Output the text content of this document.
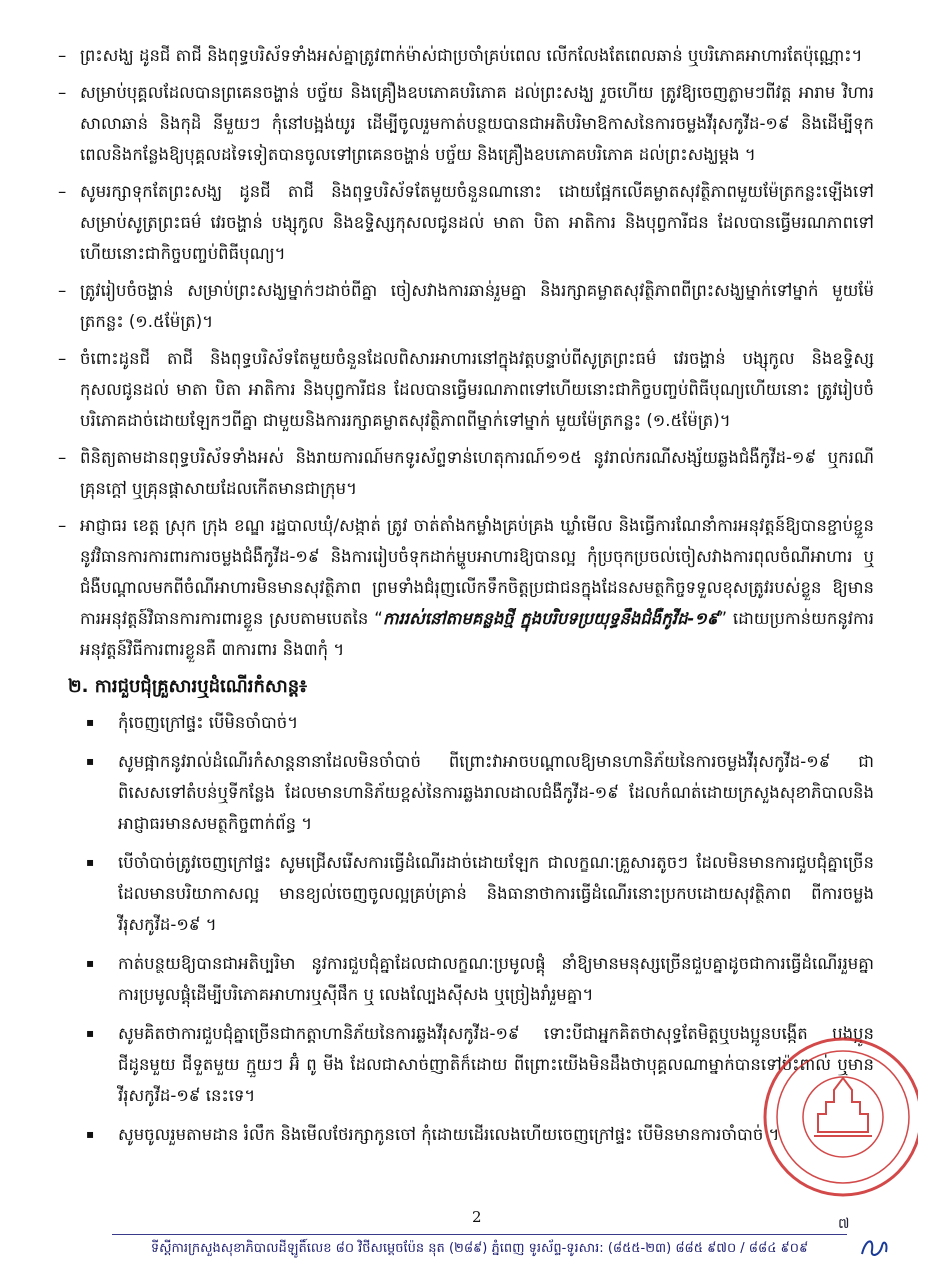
– ព្រះសង្ឃ ដូនជី តាជី និងពុទ្ធបរិស័ទទាំងអស់គ្នាត្រូវពាក់ម៉ាស់ជាប្រចាំគ្រប់ពេល លើកលែងតែពេលឆាន់ ឬបរិភោគអាហារតែប៉ុណ្ណោះ។
– សម្រាប់បុគ្គលដែលបានព្រគេនចង្ហាន់ បច្ច័យ និងគ្រឿងឧបភោគបរិភោគ ដល់ព្រះសង្ឃ រួចហើយ ត្រូវឱ្យចេញភ្លាមៗពីវត្ត អារាម វិហារ សាលាឆាន់ និងកុដិ នីមួយៗ កុំនៅបង្អង់យូរ ដើម្បីចូលរួមកាត់បន្ថយបានជាអតិបរិមាឱកាសនៃការចម្លងវីរុសកូវីដ-១៩ និងដើម្បីទុកពេលនិងកន្លែងឱ្យបុគ្គលដទៃទៀតបានចូលទៅព្រគេនចង្ហាន់ បច្ច័យ និងគ្រឿងឧបភោគបរិភោគ ដល់ព្រះសង្ឃម្ដង ។
– សូមរក្សាទុកតែព្រះសង្ឃ ដូនជី តាជី និងពុទ្ធបរិស័ទតែមួយចំនួនណានោះ ដោយផ្អែកលើគម្លាតសុវត្ថិភាពមួយម៉ែត្រកន្លះឡើងទៅ សម្រាប់សូត្រព្រះធម៌ វេរចង្ហាន់ បង្សុកូល និងឧទ្ទិស្សកុសលជូនដល់ មាតា បិតា អាតិការ និងបុព្វការីជន ដែលបានធ្វើមរណភាពទៅហើយនោះជាកិច្ចបញ្ចប់ពិធីបុណ្យ។
– ត្រូវរៀបចំចង្ហាន់ សម្រាប់ព្រះសង្ឃម្នាក់ៗដាច់ពីគ្នា ចៀសវាងការឆាន់រួមគ្នា និងរក្សាគម្លាតសុវត្ថិភាពពីព្រះសង្ឃម្នាក់ទៅម្នាក់ មួយម៉ែត្រកន្លះ (១.៥ម៉ែត្រ)។
– ចំពោះដូនជី តាជី និងពុទ្ធបរិស័ទតែមួយចំនួនដែលពិសារអាហារនៅក្នុងវត្តបន្ទាប់ពីសូត្រព្រះធម៌ វេរចង្ហាន់ បង្សុកូល និងឧទ្ទិស្សកុសលជូនដល់ មាតា បិតា អាតិការ និងបុព្វការីជន ដែលបានធ្វើមរណភាពទៅហើយនោះជាកិច្ចបញ្ចប់ពិធីបុណ្យហើយនោះ ត្រូវរៀបចំបរិភោគដាច់ដោយឡែកៗពីគ្នា ជាមួយនិងការរក្សាគម្លាតសុវត្ថិភាពពីម្នាក់ទៅម្នាក់ មួយម៉ែត្រកន្លះ (១.៥ម៉ែត្រ)។
– ពិនិត្យតាមដានពុទ្ធបរិស័ទទាំងអស់ និងរាយការណ៍មកទូរស័ព្ទទាន់ហេតុការណ៍១១៥ នូវរាល់ករណីសង្ស័យឆ្លងជំងឺកូវីដ-១៩ ឬករណីគ្រុនក្ដៅ ឬគ្រុនផ្ដាសាយដែលកើតមានជាក្រុម។
– អាជ្ញាធរ ខេត្ត ស្រុក ក្រុង ខណ្ឌ រដ្ឋបាលឃុំ/សង្កាត់ ត្រូវ ចាត់តាំងកម្លាំងគ្រប់គ្រង ឃ្លាំមើល និងធ្វើការណែនាំការអនុវត្តន៍ឱ្យបានខ្ជាប់ខ្ជួននូវវិធានការការពារការចម្លងជំងឺកូវីដ-១៩ និងការរៀបចំទុកដាក់ម្ហូបអាហារឱ្យបានល្អ កុំប្រចុកប្រចល់ចៀសវាងការពុលចំណីអាហារ ឬជំងឺបណ្ដាលមកពីចំណីអាហារមិនមានសុវត្ថិភាព ព្រមទាំងជំរុញលើកទឹកចិត្តប្រជាជនក្នុងដែនសមត្ថកិច្ចទទួលខុសត្រូវរបស់ខ្លួន ឱ្យមានការអនុវត្តន៍វិធានការការពារខ្លួន ស្របតាមបេតនៃ “ការរស់នៅតាមគន្លងថ្មី ក្នុងបរិបទប្រយុទ្ធនឹងជំងឺកូវីដ-១៩” ដោយប្រកាន់យកនូវការអនុវត្តន៍វិធីការពារខ្លួនគឺ ៣ការពារ និង៣កុំ ។
២. ការជួបជុំគ្រួសារឬដំណើរកំសាន្ត៖
▪ កុំចេញក្រៅផ្ទះ បើមិនចាំបាច់។
▪ សូមផ្អាកនូវរាល់ដំណើរកំសាន្តនានាដែលមិនចាំបាច់ ពីព្រោះវាអាចបណ្ដាលឱ្យមានហានិភ័យនៃការចម្លងវីរុសកូវីដ-១៩ ជាពិសេសទៅតំបន់ឬទីកន្លែង ដែលមានហានិភ័យខ្ពស់នៃការឆ្លងរាលដាលជំងឺកូវីដ-១៩ ដែលកំណត់ដោយក្រសួងសុខាភិបាលនិងអាជ្ញាធរមានសមត្ថកិច្ចពាក់ព័ន្ធ ។
▪ បើចាំបាច់ត្រូវចេញក្រៅផ្ទះ សូមជ្រើសរើសការធ្វើដំណើរដាច់ដោយឡែក ជាលក្ខណៈគ្រួសារតូចៗ ដែលមិនមានការជួបជុំគ្នាច្រើន ដែលមានបរិយាកាសល្អ មានខ្យល់ចេញចូលល្អគ្រប់គ្រាន់ និងធានាថាការធ្វើដំណើរនោះប្រកបដោយសុវត្ថិភាព ពីការចម្លងវីរុសកូវីដ-១៩ ។
▪ កាត់បន្ថយឱ្យបានជាអតិប្បរិមា នូវការជួបជុំគ្នាដែលជាលក្ខណៈប្រមូលផ្ដុំ នាំឱ្យមានមនុស្សច្រើនជួបគ្នាដូចជាការធ្វើដំណើររួមគ្នា ការប្រមូលផ្ដុំដើម្បីបរិភោគអាហារឬស៊ីផឹក ឬ លេងល្បែងស៊ីសង ឬច្រៀងរាំរួមគ្នា។
▪ សូមគិតថាការជួបជុំគ្នាច្រើនជាកត្តាហានិភ័យនៃការឆ្លងវីរុសកូវីដ-១៩ ទោះបីជាអ្នកគិតថាសុទ្ធតែមិត្តឬបងប្អូនបង្កើត បងប្អូនជីដូនមួយ ជីទួតមួយ ក្មួយៗ អ៊ំ ពូ មីង ដែលជាសាច់ញាតិក៏ដោយ ពីព្រោះយើងមិនដឹងថាបុគ្គលណាម្នាក់បានទៅប៉ះពាល់ ឬមានវីរុសកូវីដ-១៩ នេះទេ។
▪ សូមចូលរួមតាមដាន រំលឹក និងមើលថែរក្សាកូនចៅ កុំដោយដើរលេងហើយចេញក្រៅផ្ទះ បើមិនមានការចាំបាច់ ។
2	៧
ទីស្ដីការក្រសួងសុខាភិបាលដីឡូតិ៍លេខ ៨០ វិថីសម្ដេចប៉ែន នុត (២៨៩) ភ្នំពេញ ទូរស័ព្ទ-ទូរសារ: (៨៥៥-២៣) ៨៨៥ ៩៧០ / ៨៨៤ ៩០៩
